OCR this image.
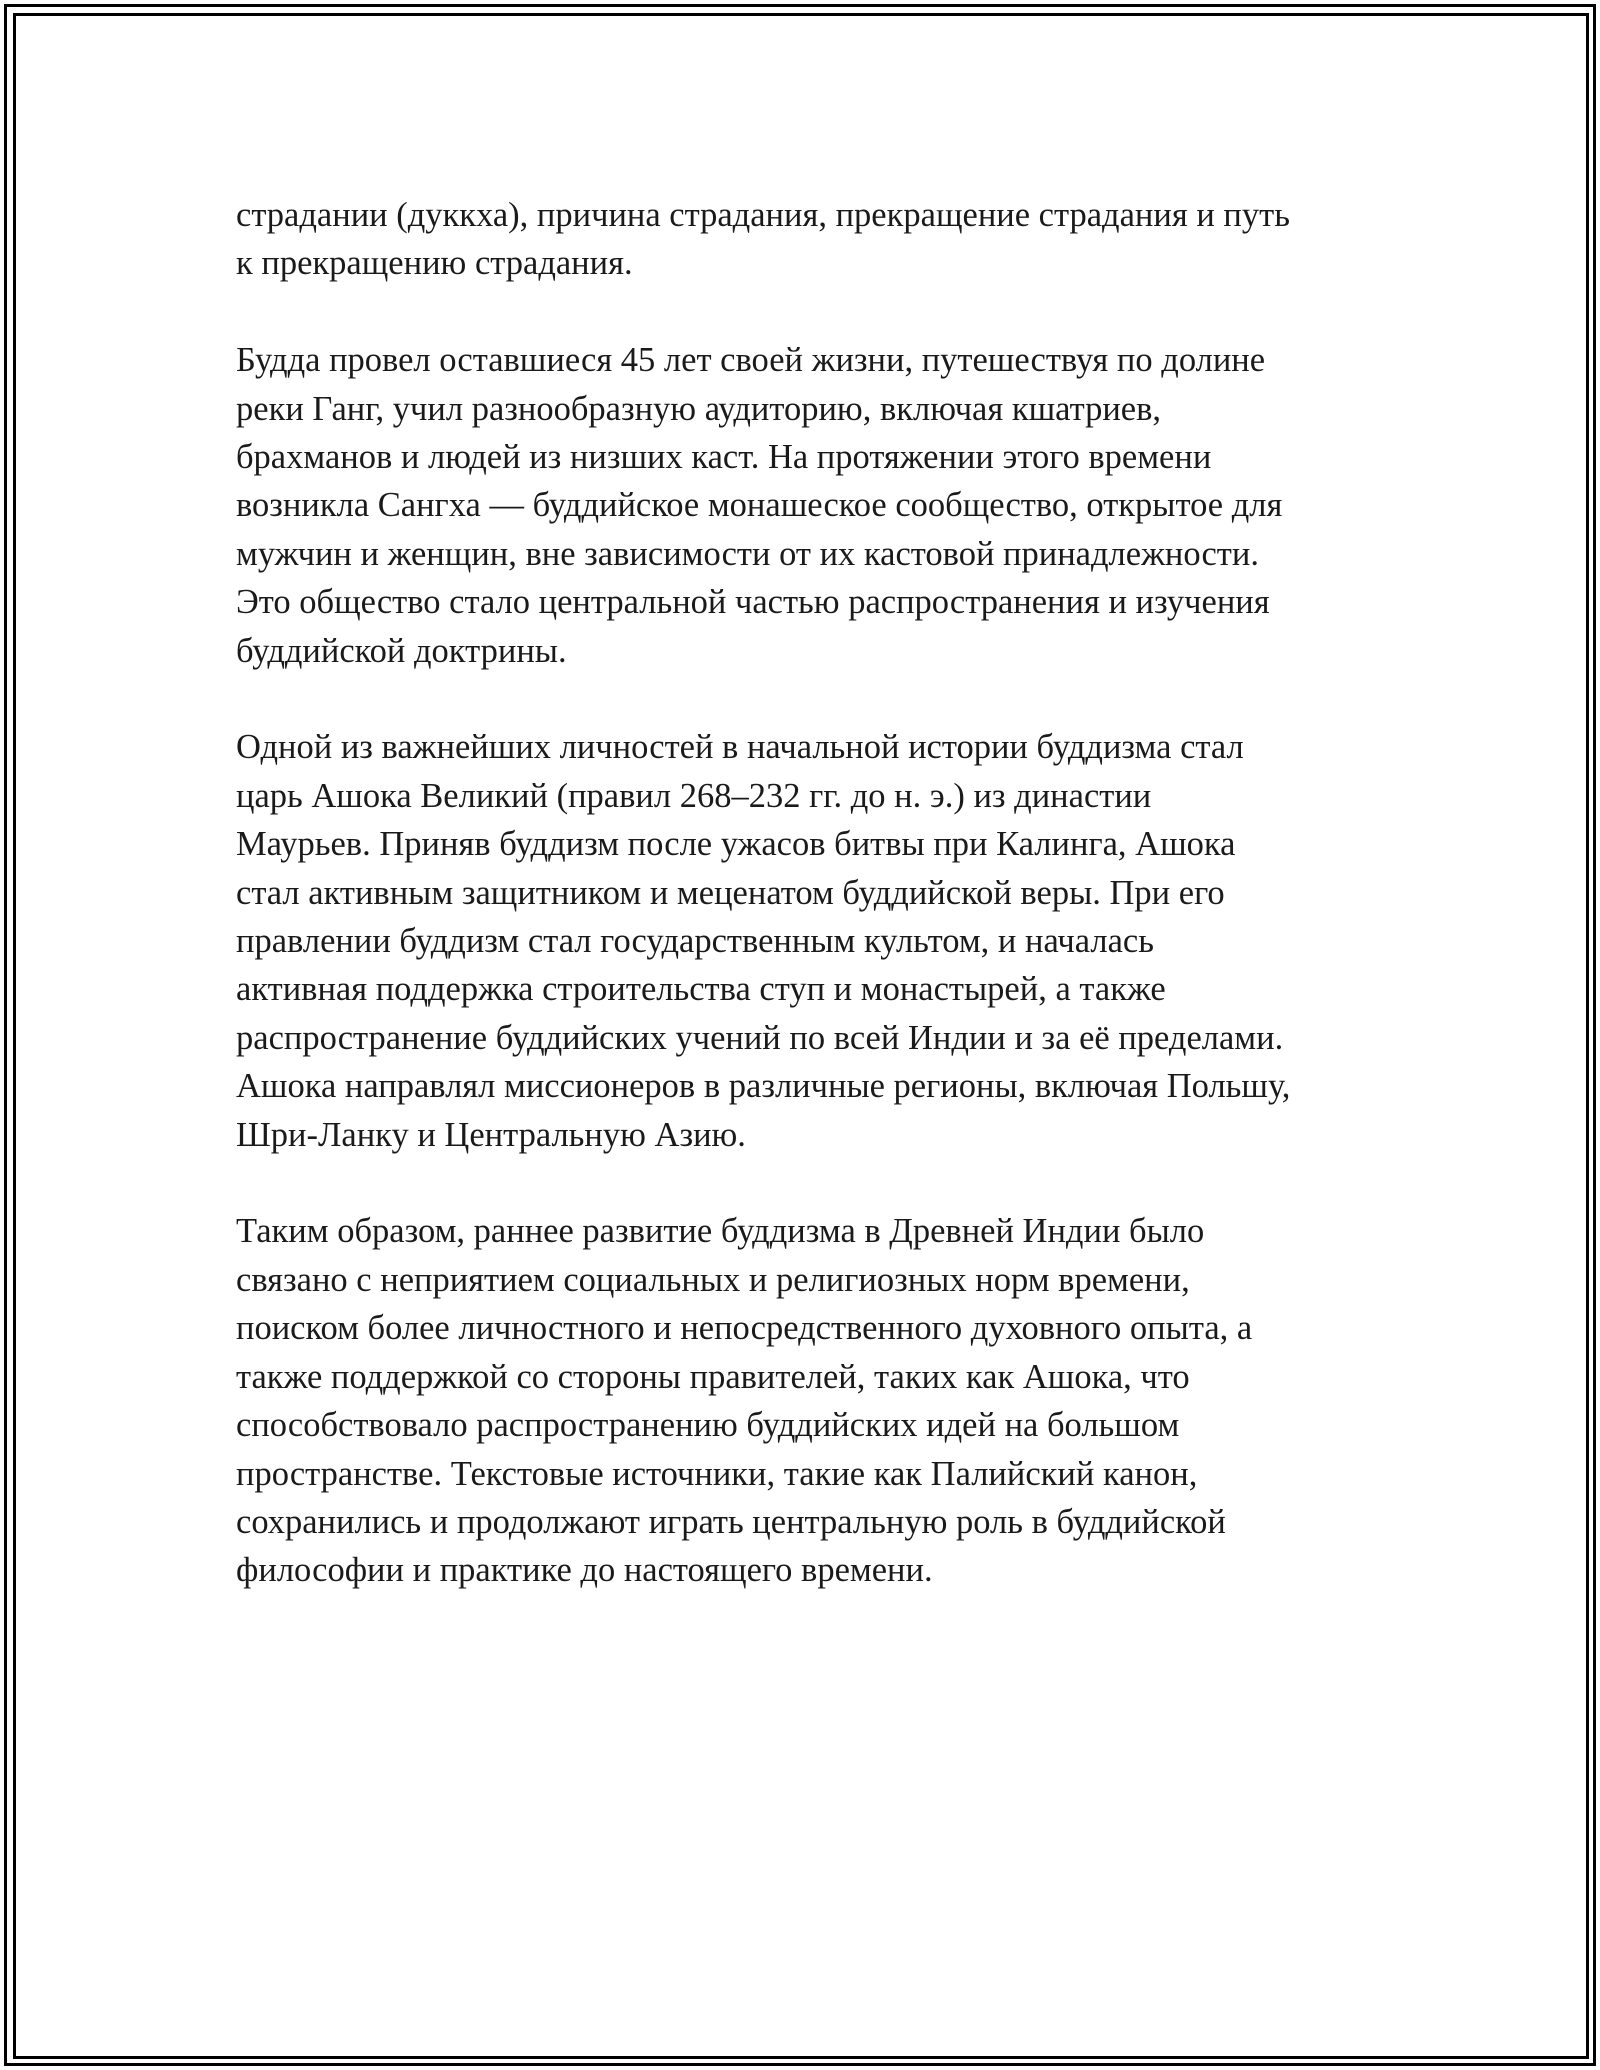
страдании (дуккха), причина страдания, прекращение страдания и путь
к прекращению страдания.
Будда провел оставшиеся 45 лет своей жизни, путешествуя по долине
реки Ганг, учил разнообразную аудиторию, включая кшатриев,
брахманов и людей из низших каст. На протяжении этого времени
возникла Сангха — буддийское монашеское сообщество, открытое для
мужчин и женщин, вне зависимости от их кастовой принадлежности.
Это общество стало центральной частью распространения и изучения
буддийской доктрины.
Одной из важнейших личностей в начальной истории буддизма стал
царь Ашока Великий (правил 268–232 гг. до н. э.) из династии
Маурьев. Приняв буддизм после ужасов битвы при Калинга, Ашока
стал активным защитником и меценатом буддийской веры. При его
правлении буддизм стал государственным культом, и началась
активная поддержка строительства ступ и монастырей, а также
распространение буддийских учений по всей Индии и за её пределами.
Ашока направлял миссионеров в различные регионы, включая Польшу,
Шри-Ланку и Центральную Азию.
Таким образом, раннее развитие буддизма в Древней Индии было
связано с неприятием социальных и религиозных норм времени,
поиском более личностного и непосредственного духовного опыта, а
также поддержкой со стороны правителей, таких как Ашока, что
способствовало распространению буддийских идей на большом
пространстве. Текстовые источники, такие как Палийский канон,
сохранились и продолжают играть центральную роль в буддийской
философии и практике до настоящего времени.
